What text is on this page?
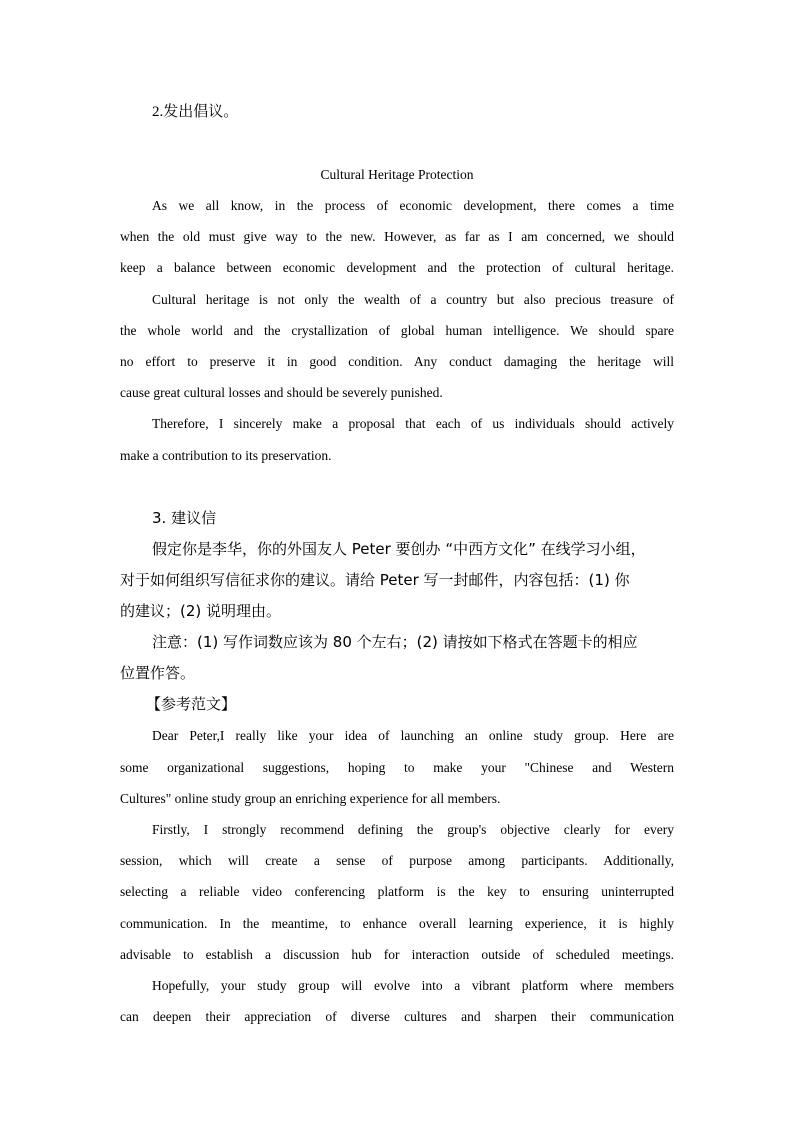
2.发出倡议。
Cultural Heritage Protection
As we all know, in the process of economic development, there comes a time
when the old must give way to the new. However, as far as I am concerned, we should
keep a balance between economic development and the protection of cultural heritage.
Cultural heritage is not only the wealth of a country but also precious treasure of
the whole world and the crystallization of global human intelligence. We should spare
no effort to preserve it in good condition. Any conduct damaging the heritage will
cause great cultural losses and should be severely punished.
Therefore, I sincerely make a proposal that each of us individuals should actively
make a contribution to its preservation.
3. 建议信
假定你是李华，你的外国友人 Peter 要创办 “中西方文化” 在线学习小组，
对于如何组织写信征求你的建议。请给 Peter 写一封邮件，内容包括：(1) 你
的建议；(2) 说明理由。
注意：(1) 写作词数应该为 80 个左右；(2) 请按如下格式在答题卡的相应
位置作答。
【参考范文】
Dear Peter,I really like your idea of launching an online study group. Here are
some organizational suggestions, hoping to make your "Chinese and Western
Cultures" online study group an enriching experience for all members.
Firstly, I strongly recommend defining the group's objective clearly for every
session, which will create a sense of purpose among participants. Additionally,
selecting a reliable video conferencing platform is the key to ensuring uninterrupted
communication. In the meantime, to enhance overall learning experience, it is highly
advisable to establish a discussion hub for interaction outside of scheduled meetings.
Hopefully, your study group will evolve into a vibrant platform where members
can deepen their appreciation of diverse cultures and sharpen their communication
